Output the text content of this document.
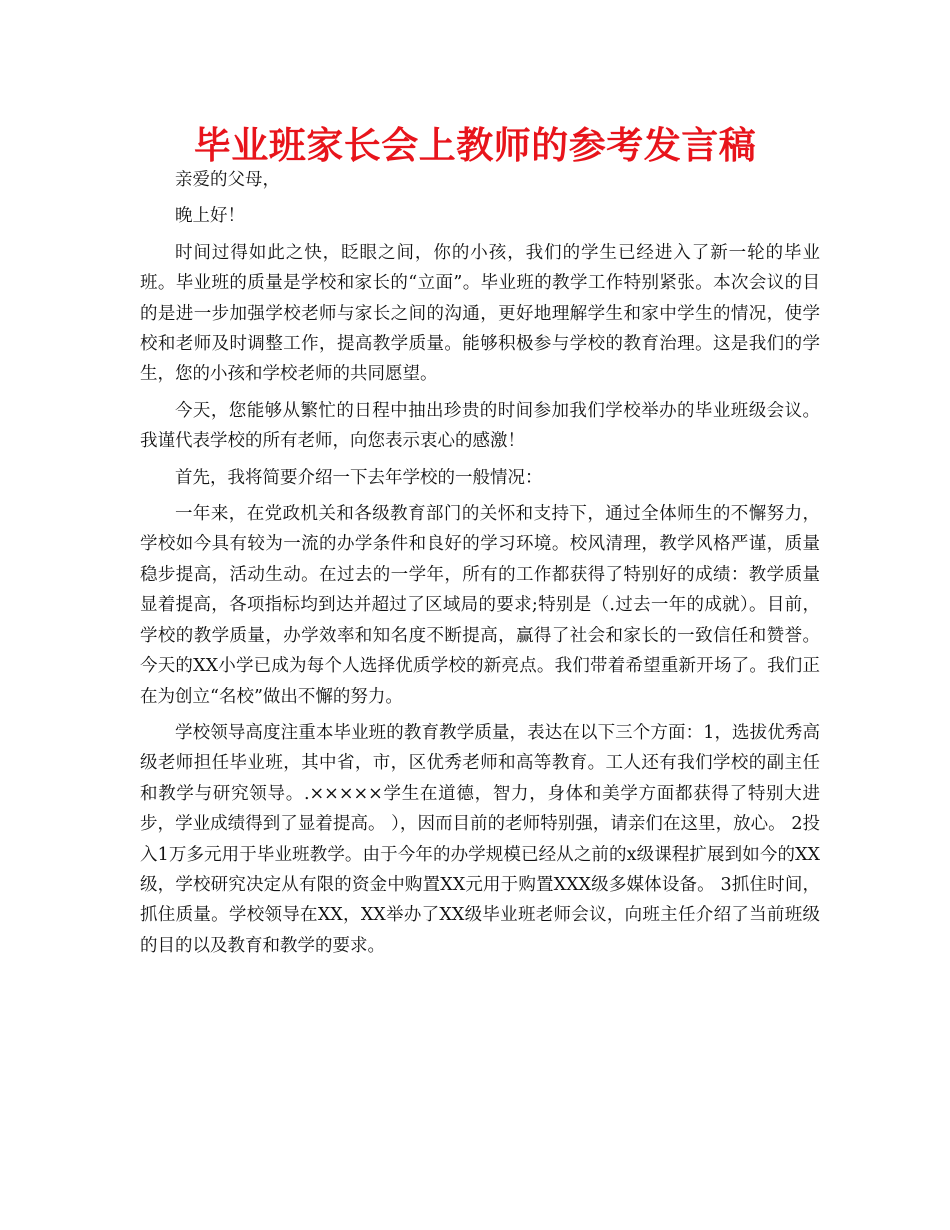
毕业班家长会上教师的参考发言稿

亲爱的父母，

晚上好！

时间过得如此之快，眨眼之间，你的小孩，我们的学生已经进入了新一轮的毕业班。毕业班的质量是学校和家长的“立面”。毕业班的教学工作特别紧张。本次会议的目的是进一步加强学校老师与家长之间的沟通，更好地理解学生和家中学生的情况，使学校和老师及时调整工作，提高教学质量。能够积极参与学校的教育治理。这是我们的学生，您的小孩和学校老师的共同愿望。

今天，您能够从繁忙的日程中抽出珍贵的时间参加我们学校举办的毕业班级会议。我谨代表学校的所有老师，向您表示衷心的感激！

首先，我将简要介绍一下去年学校的一般情况：

一年来，在党政机关和各级教育部门的关怀和支持下，通过全体师生的不懈努力，学校如今具有较为一流的办学条件和良好的学习环境。校风清理，教学风格严谨，质量稳步提高，活动生动。在过去的一学年，所有的工作都获得了特别好的成绩：教学质量显着提高，各项指标均到达并超过了区域局的要求;特别是（.过去一年的成就）。目前，学校的教学质量，办学效率和知名度不断提高，赢得了社会和家长的一致信任和赞誉。今天的XX小学已成为每个人选择优质学校的新亮点。我们带着希望重新开场了。我们正在为创立“名校”做出不懈的努力。

学校领导高度注重本毕业班的教育教学质量，表达在以下三个方面：1，选拔优秀高级老师担任毕业班，其中省，市，区优秀老师和高等教育。工人还有我们学校的副主任和教学与研究领导。.×××××学生在道德，智力，身体和美学方面都获得了特别大进步，学业成绩得到了显着提高。 ），因而目前的老师特别强，请亲们在这里，放心。 2投入1万多元用于毕业班教学。由于今年的办学规模已经从之前的x级课程扩展到如今的XX级，学校研究决定从有限的资金中购置XX元用于购置XXX级多媒体设备。 3抓住时间，抓住质量。学校领导在XX，XX举办了XX级毕业班老师会议，向班主任介绍了当前班级的目的以及教育和教学的要求。
